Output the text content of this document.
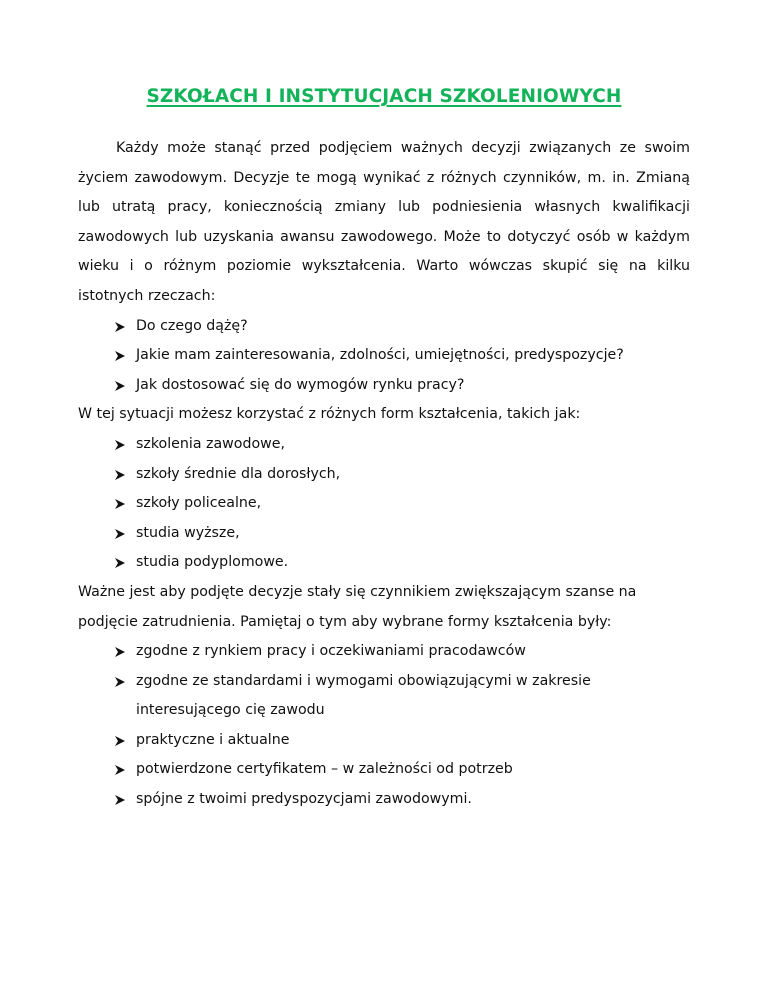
SZKOŁACH I INSTYTUCJACH SZKOLENIOWYCH

Każdy może stanąć przed podjęciem ważnych decyzji związanych ze swoim życiem zawodowym. Decyzje te mogą wynikać z różnych czynników, m. in. Zmianą lub utratą pracy, koniecznością zmiany lub podniesienia własnych kwalifikacji zawodowych lub uzyskania awansu zawodowego. Może to dotyczyć osób w każdym wieku i o różnym poziomie wykształcenia. Warto wówczas skupić się na kilku istotnych rzeczach:

Do czego dążę?
Jakie mam zainteresowania, zdolności, umiejętności, predyspozycje?
Jak dostosować się do wymogów rynku pracy?

W tej sytuacji możesz korzystać z różnych form kształcenia, takich jak:

szkolenia zawodowe,
szkoły średnie dla dorosłych,
szkoły policealne,
studia wyższe,
studia podyplomowe.

Ważne jest aby podjęte decyzje stały się czynnikiem zwiększającym szanse na

podjęcie zatrudnienia. Pamiętaj o tym aby wybrane formy kształcenia były:

zgodne z rynkiem pracy i oczekiwaniami pracodawców
zgodne ze standardami i wymogami obowiązującymi w zakresie interesującego cię zawodu
praktyczne i aktualne
potwierdzone certyfikatem – w zależności od potrzeb
spójne z twoimi predyspozycjami zawodowymi.
